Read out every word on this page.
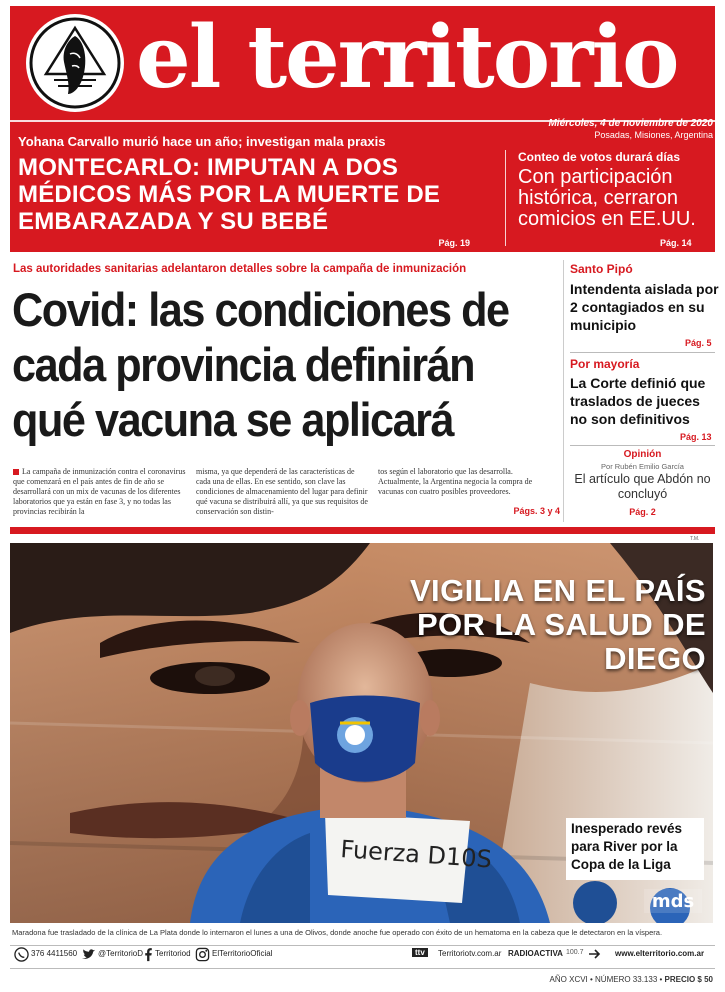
el territorio
Miércoles, 4 de noviembre de 2020
Posadas, Misiones, Argentina
Yohana Carvallo murió hace un año; investigan mala praxis
MONTECARLO: IMPUTAN A DOS MÉDICOS MÁS POR LA MUERTE DE EMBARAZADA Y SU BEBÉ
Pág. 19
Conteo de votos durará días
Con participación histórica, cerraron comicios en EE.UU.
Pág. 14
Las autoridades sanitarias adelantaron detalles sobre la campaña de inmunización
Covid: las condiciones de
cada provincia definirán
qué vacuna se aplicará
La campaña de inmunización contra el coronavirus que comenzará en el país antes de fin de año se desarrollará con un mix de vacunas de los diferentes laboratorios que ya están en fase 3, y no todas las provincias recibirán la
misma, ya que dependerá de las características de cada una de ellas. En ese sentido, son clave las condiciones de almacenamiento del lugar para definir qué vacuna se distribuirá allí, ya que sus requisitos de conservación son distin-
tos según el laboratorio que las desarrolla. Actualmente, la Argentina negocia la compra de vacunas con cuatro posibles proveedores.
Págs. 3 y 4
Santo Pipó
Intendenta aislada por 2 contagiados en su municipio
Pág. 5
Por mayoría
La Corte definió que traslados de jueces no son definitivos
Pág. 13
Opinión
Por Rubén Emilio García
El artículo que Abdón no concluyó
Pág. 2
T.M.
Fuerza D10S
VIGILIA EN EL PAÍS POR LA SALUD DE DIEGO
Inesperado revés para River por la Copa de la Liga
mds
Maradona fue trasladado de la clínica de La Plata donde lo internaron el lunes a una de Olivos, donde anoche fue operado con éxito de un hematoma en la cabeza que le detectaron en la víspera.
376 4411560	@TerritorioD Territoriod	ElTerritorioOficial	ttv	Territoriotv.com.ar RADIOACTIVA 100.7	www.elterritorio.com.ar
AÑO XCVI • NÚMERO 33.133 • PRECIO $ 50
